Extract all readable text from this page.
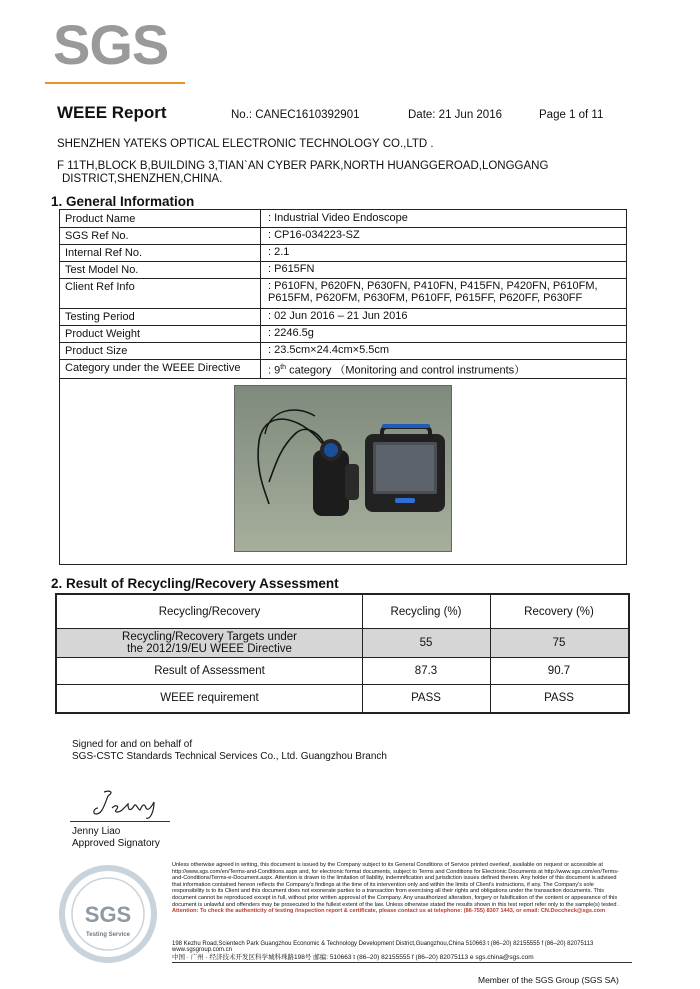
SGS
WEEE Report	No.: CANEC1610392901	Date: 21 Jun 2016	Page 1 of 11
SHENZHEN YATEKS OPTICAL ELECTRONIC TECHNOLOGY CO.,LTD .
F 11TH,BLOCK B,BUILDING 3,TIAN`AN CYBER PARK,NORTH HUANGGEROAD,LONGGANG
DISTRICT,SHENZHEN,CHINA.
1. General Information
Product Name	: Industrial Video Endoscope
SGS Ref No.	: CP16-034223-SZ
Internal Ref No.	: 2.1
Test Model No.	: P615FN
Client Ref Info	: P610FN, P620FN, P630FN, P410FN, P415FN, P420FN, P610FM,
P615FM, P620FM, P630FM, P610FF, P615FF, P620FF, P630FF
Testing Period	: 02 Jun 2016 – 21 Jun 2016
Product Weight	: 2246.5g
Product Size	: 23.5cm×24.4cm×5.5cm
Category under the WEEE Directive	: 9th category （Monitoring and control instruments）
2. Result of Recycling/Recovery Assessment
Recycling/Recovery	Recycling (%)	Recovery (%)
Recycling/Recovery Targets under
the 2012/19/EU WEEE Directive	55	75
Result of Assessment	87.3	90.7
WEEE requirement	PASS	PASS
Signed for and on behalf of
SGS-CSTC Standards Technical Services Co., Ltd. Guangzhou Branch
Jenny Liao
Approved Signatory
SGS
Testing Service
Unless otherwise agreed in writing, this document is issued by the Company subject to its General Conditions of Service printed overleaf, available on request or accessible at http://www.sgs.com/en/Terms-and-Conditions.aspx and, for electronic format documents, subject to Terms and Conditions for Electronic Documents at http://www.sgs.com/en/Terms-and-Conditions/Terms-e-Document.aspx. Attention is drawn to the limitation of liability, indemnification and jurisdiction issues defined therein. Any holder of this document is advised that information contained hereon reflects the Company's findings at the time of its intervention only and within the limits of Client's instructions, if any. The Company's sole responsibility is to its Client and this document does not exonerate parties to a transaction from exercising all their rights and obligations under the transaction documents. This document cannot be reproduced except in full, without prior written approval of the Company. Any unauthorized alteration, forgery or falsification of the content or appearance of this document is unlawful and offenders may be prosecuted to the fullest extent of the law. Unless otherwise stated the results shown in this test report refer only to the sample(s) tested . Attention: To check the authenticity of testing /inspection report & certificate, please contact us at telephone: (86-755) 8307 1443, or email: CN.Doccheck@sgs.com
198 Kezhu Road,Scientech Park Guangzhou Economic & Technology Development District,Guangzhou,China 510663 t (86–20) 82155555 f (86–20) 82075113 www.sgsgroup.com.cn
中国 · 广州 · 经济技术开发区科学城科珠路198号 邮编: 510663 t (86–20) 82155555 f (86–20) 82075113 e sgs.china@sgs.com
Member of the SGS Group (SGS SA)
